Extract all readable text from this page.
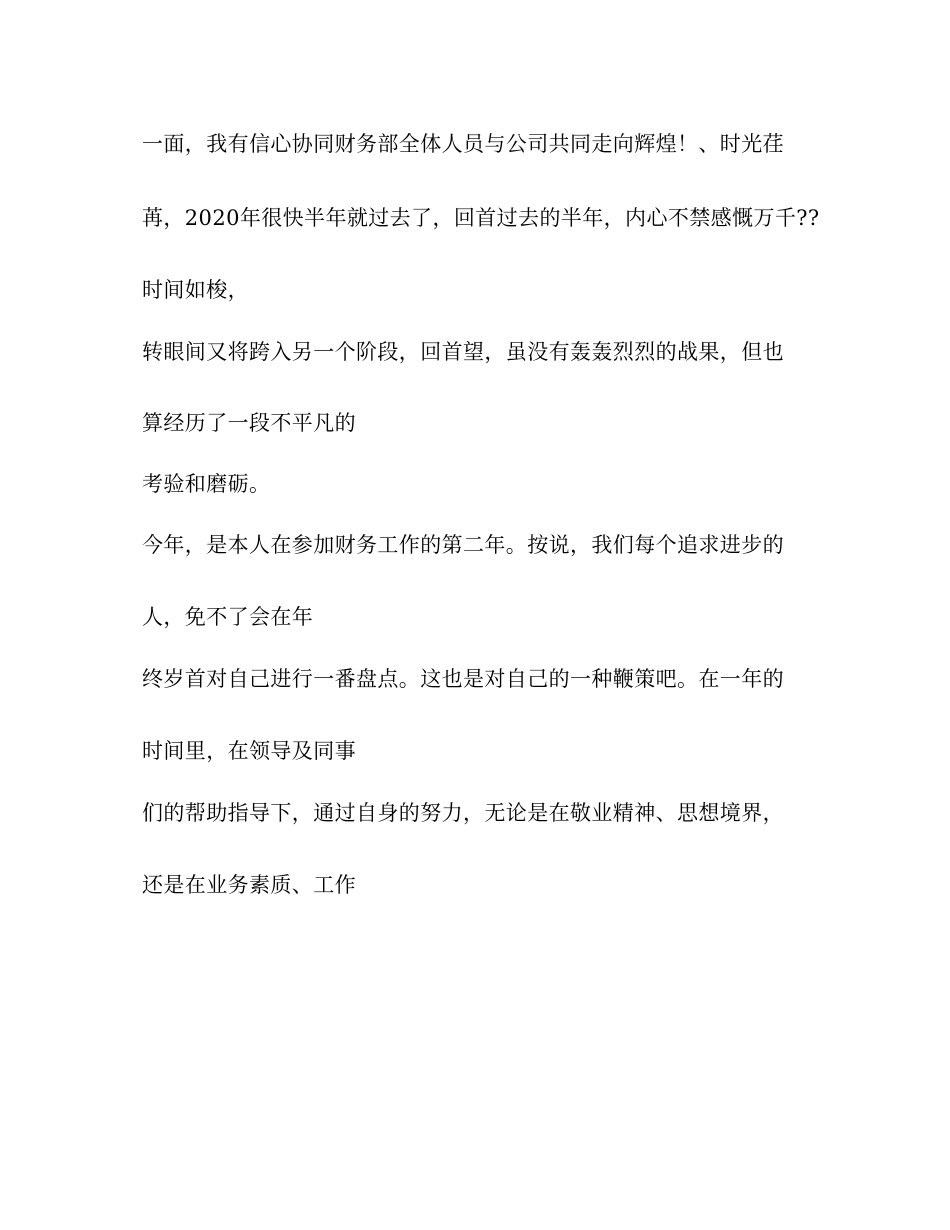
一面，我有信心协同财务部全体人员与公司共同走向辉煌！、时光荏
苒，2020年很快半年就过去了，回首过去的半年，内心不禁感慨万千??
时间如梭，
转眼间又将跨入另一个阶段，回首望，虽没有轰轰烈烈的战果，但也
算经历了一段不平凡的
考验和磨砺。
今年，是本人在参加财务工作的第二年。按说，我们每个追求进步的
人，免不了会在年
终岁首对自己进行一番盘点。这也是对自己的一种鞭策吧。在一年的
时间里，在领导及同事
们的帮助指导下，通过自身的努力，无论是在敬业精神、思想境界，
还是在业务素质、工作
